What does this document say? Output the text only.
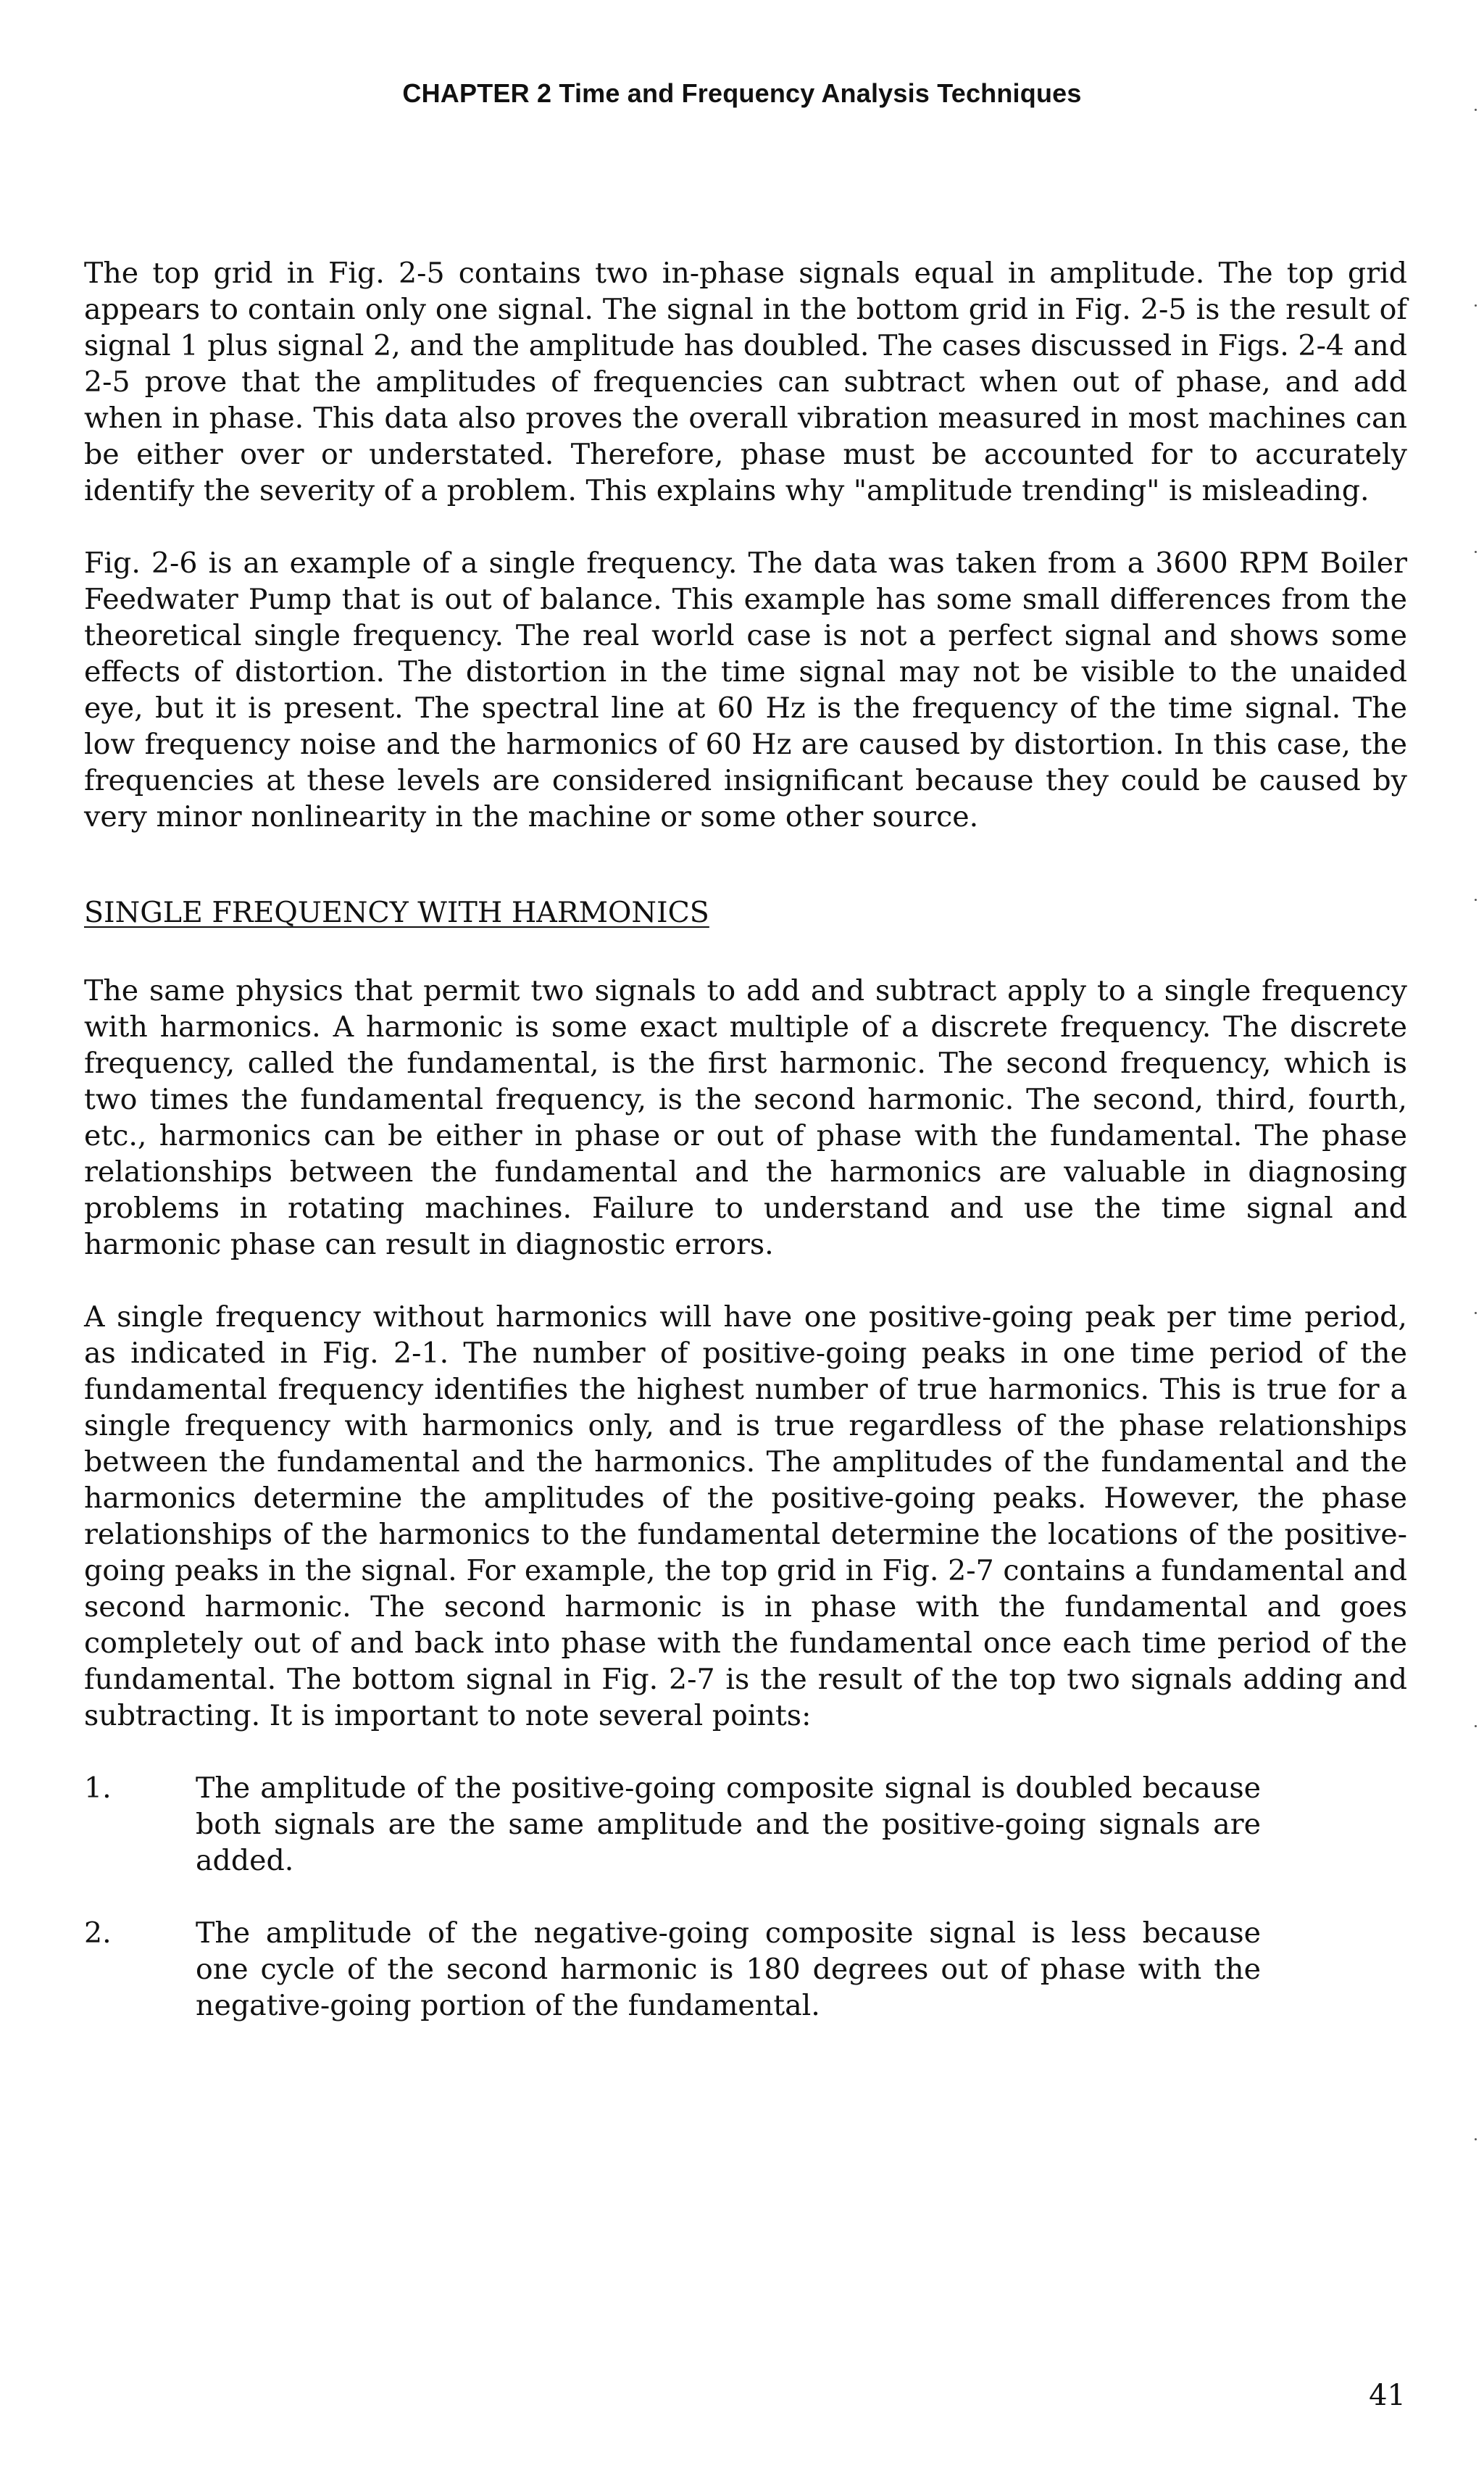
CHAPTER 2 Time and Frequency Analysis Techniques

The top grid in Fig. 2-5 contains two in-phase signals equal in amplitude. The top grid appears to contain only one signal. The signal in the bottom grid in Fig. 2-5 is the result of signal 1 plus signal 2, and the amplitude has doubled. The cases discussed in Figs. 2-4 and 2-5 prove that the amplitudes of frequencies can subtract when out of phase, and add when in phase. This data also proves the overall vibration measured in most machines can be either over or understated. Therefore, phase must be accounted for to accurately identify the severity of a problem. This explains why "amplitude trending" is misleading.

Fig. 2-6 is an example of a single frequency. The data was taken from a 3600 RPM Boiler Feedwater Pump that is out of balance. This example has some small differences from the theoretical single frequency. The real world case is not a perfect signal and shows some effects of distortion. The distortion in the time signal may not be visible to the unaided eye, but it is present. The spectral line at 60 Hz is the frequency of the time signal. The low frequency noise and the harmonics of 60 Hz are caused by distortion. In this case, the frequencies at these levels are considered insignificant because they could be caused by very minor nonlinearity in the machine or some other source.

SINGLE FREQUENCY WITH HARMONICS

The same physics that permit two signals to add and subtract apply to a single frequency with harmonics. A harmonic is some exact multiple of a discrete frequency. The discrete frequency, called the fundamental, is the first harmonic. The second frequency, which is two times the fundamental frequency, is the second harmonic. The second, third, fourth, etc., harmonics can be either in phase or out of phase with the fundamental. The phase relationships between the fundamental and the harmonics are valuable in diagnosing problems in rotating machines. Failure to understand and use the time signal and harmonic phase can result in diagnostic errors.

A single frequency without harmonics will have one positive-going peak per time period, as indicated in Fig. 2-1. The number of positive-going peaks in one time period of the fundamental frequency identifies the highest number of true harmonics. This is true for a single frequency with harmonics only, and is true regardless of the phase relationships between the fundamental and the harmonics. The amplitudes of the fundamental and the harmonics determine the amplitudes of the positive-going peaks. However, the phase relationships of the harmonics to the fundamental determine the locations of the positive-going peaks in the signal. For example, the top grid in Fig. 2-7 contains a fundamental and second harmonic. The second harmonic is in phase with the fundamental and goes completely out of and back into phase with the fundamental once each time period of the fundamental. The bottom signal in Fig. 2-7 is the result of the top two signals adding and subtracting. It is important to note several points:

1.	The amplitude of the positive-going composite signal is doubled because both signals are the same amplitude and the positive-going signals are added.
2.	The amplitude of the negative-going composite signal is less because one cycle of the second harmonic is 180 degrees out of phase with the negative-going portion of the fundamental.
41
